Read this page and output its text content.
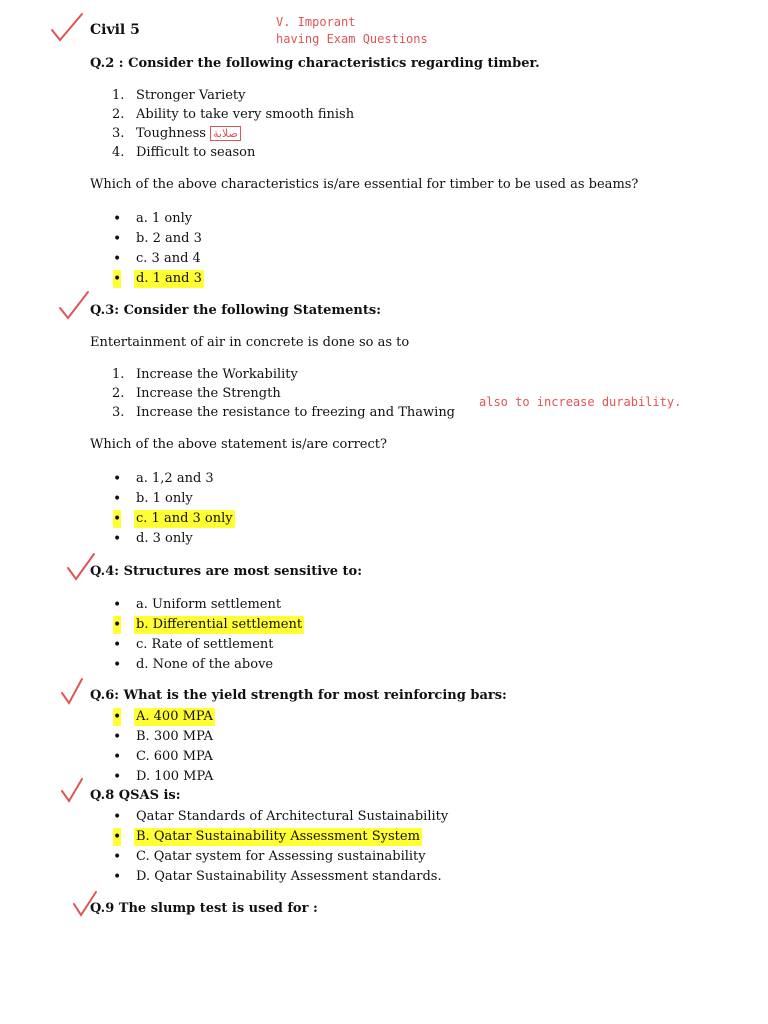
Civil 5	V. Imporant
having Exam Questions
Q.2 : Consider the following characteristics regarding timber.
1. Stronger Variety
2. Ability to take very smooth finish
3. Toughness صلابة
4. Difficult to season
Which of the above characteristics is/are essential for timber to be used as beams?
• a. 1 only
• b. 2 and 3
• c. 3 and 4
• d. 1 and 3
Q.3: Consider the following Statements:
Entertainment of air in concrete is done so as to
1. Increase the Workability
2. Increase the Strength
3. Increase the resistance to freezing and Thawing
also to increase durability.
Which of the above statement is/are correct?
• a. 1,2 and 3
• b. 1 only
• c. 1 and 3 only
• d. 3 only
Q.4: Structures are most sensitive to:
• a. Uniform settlement
• b. Differential settlement
• c. Rate of settlement
• d. None of the above
Q.6: What is the yield strength for most reinforcing bars:
• A. 400 MPA
• B. 300 MPA
• C. 600 MPA
• D. 100 MPA
Q.8 QSAS is:
• Qatar Standards of Architectural Sustainability
• B. Qatar Sustainability Assessment System
• C. Qatar system for Assessing sustainability
• D. Qatar Sustainability Assessment standards.
Q.9 The slump test is used for :
